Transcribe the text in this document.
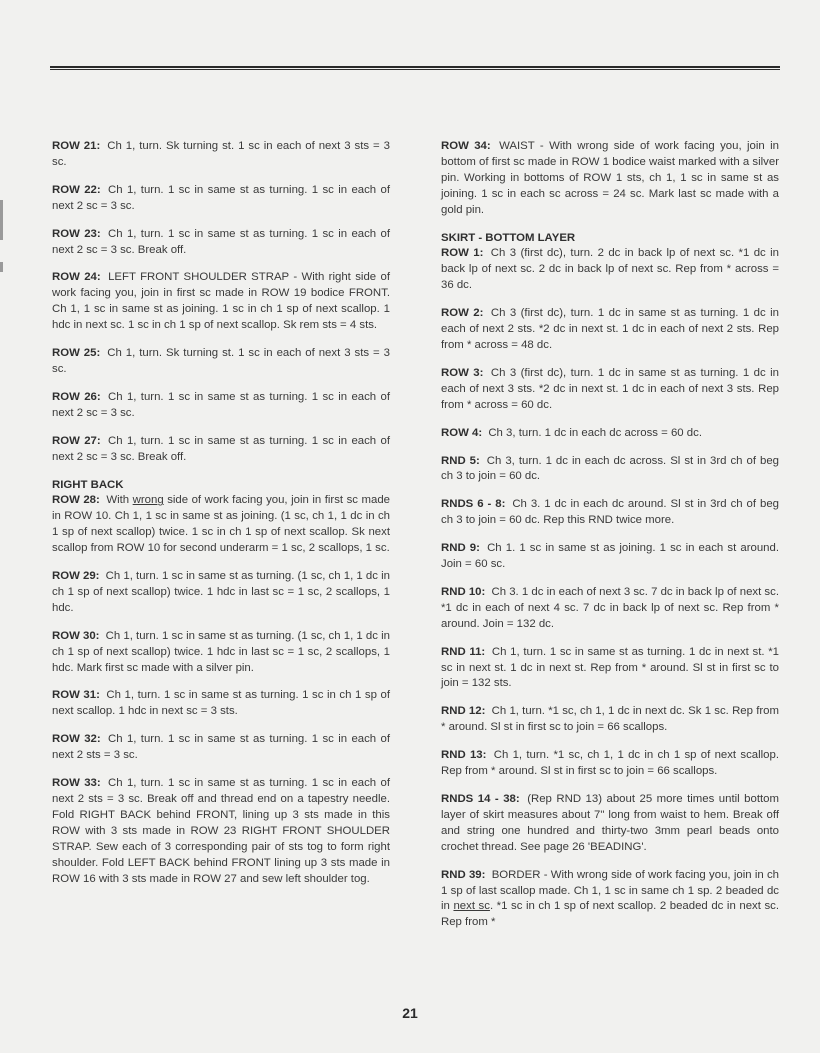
ROW 21: Ch 1, turn. Sk turning st. 1 sc in each of next 3 sts = 3 sc.

ROW 22: Ch 1, turn. 1 sc in same st as turning. 1 sc in each of next 2 sc = 3 sc.

ROW 23: Ch 1, turn. 1 sc in same st as turning. 1 sc in each of next 2 sc = 3 sc. Break off.

ROW 24: LEFT FRONT SHOULDER STRAP - With right side of work facing you, join in first sc made in ROW 19 bodice FRONT. Ch 1, 1 sc in same st as joining. 1 sc in ch 1 sp of next scallop. 1 hdc in next sc. 1 sc in ch 1 sp of next scallop. Sk rem sts = 4 sts.

ROW 25: Ch 1, turn. Sk turning st. 1 sc in each of next 3 sts = 3 sc.

ROW 26: Ch 1, turn. 1 sc in same st as turning. 1 sc in each of next 2 sc = 3 sc.

ROW 27: Ch 1, turn. 1 sc in same st as turning. 1 sc in each of next 2 sc = 3 sc. Break off.

RIGHT BACK
ROW 28: With wrong side of work facing you, join in first sc made in ROW 10. Ch 1, 1 sc in same st as joining. (1 sc, ch 1, 1 dc in ch 1 sp of next scallop) twice. 1 sc in ch 1 sp of next scallop. Sk next scallop from ROW 10 for second underarm = 1 sc, 2 scallops, 1 sc.

ROW 29: Ch 1, turn. 1 sc in same st as turning. (1 sc, ch 1, 1 dc in ch 1 sp of next scallop) twice. 1 hdc in last sc = 1 sc, 2 scallops, 1 hdc.

ROW 30: Ch 1, turn. 1 sc in same st as turning. (1 sc, ch 1, 1 dc in ch 1 sp of next scallop) twice. 1 hdc in last sc = 1 sc, 2 scallops, 1 hdc. Mark first sc made with a silver pin.

ROW 31: Ch 1, turn. 1 sc in same st as turning. 1 sc in ch 1 sp of next scallop. 1 hdc in next sc = 3 sts.

ROW 32: Ch 1, turn. 1 sc in same st as turning. 1 sc in each of next 2 sts = 3 sc.

ROW 33: Ch 1, turn. 1 sc in same st as turning. 1 sc in each of next 2 sts = 3 sc. Break off and thread end on a tapestry needle. Fold RIGHT BACK behind FRONT, lining up 3 sts made in this ROW with 3 sts made in ROW 23 RIGHT FRONT SHOULDER STRAP. Sew each of 3 corresponding pair of sts tog to form right shoulder. Fold LEFT BACK behind FRONT lining up 3 sts made in ROW 16 with 3 sts made in ROW 27 and sew left shoulder tog.

ROW 34: WAIST - With wrong side of work facing you, join in bottom of first sc made in ROW 1 bodice waist marked with a silver pin. Working in bottoms of ROW 1 sts, ch 1, 1 sc in same st as joining. 1 sc in each sc across = 24 sc. Mark last sc made with a gold pin.

SKIRT - BOTTOM LAYER
ROW 1: Ch 3 (first dc), turn. 2 dc in back lp of next sc. *1 dc in back lp of next sc. 2 dc in back lp of next sc. Rep from * across = 36 dc.

ROW 2: Ch 3 (first dc), turn. 1 dc in same st as turning. 1 dc in each of next 2 sts. *2 dc in next st. 1 dc in each of next 2 sts. Rep from * across = 48 dc.

ROW 3: Ch 3 (first dc), turn. 1 dc in same st as turning. 1 dc in each of next 3 sts. *2 dc in next st. 1 dc in each of next 3 sts. Rep from * across = 60 dc.

ROW 4: Ch 3, turn. 1 dc in each dc across = 60 dc.

RND 5: Ch 3, turn. 1 dc in each dc across. Sl st in 3rd ch of beg ch 3 to join = 60 dc.

RNDS 6 - 8: Ch 3. 1 dc in each dc around. Sl st in 3rd ch of beg ch 3 to join = 60 dc. Rep this RND twice more.

RND 9: Ch 1. 1 sc in same st as joining. 1 sc in each st around. Join = 60 sc.

RND 10: Ch 3. 1 dc in each of next 3 sc. 7 dc in back lp of next sc. *1 dc in each of next 4 sc. 7 dc in back lp of next sc. Rep from * around. Join = 132 dc.

RND 11: Ch 1, turn. 1 sc in same st as turning. 1 dc in next st. *1 sc in next st. 1 dc in next st. Rep from * around. Sl st in first sc to join = 132 sts.

RND 12: Ch 1, turn. *1 sc, ch 1, 1 dc in next dc. Sk 1 sc. Rep from * around. Sl st in first sc to join = 66 scallops.

RND 13: Ch 1, turn. *1 sc, ch 1, 1 dc in ch 1 sp of next scallop. Rep from * around. Sl st in first sc to join = 66 scallops.

RNDS 14 - 38: (Rep RND 13) about 25 more times until bottom layer of skirt measures about 7" long from waist to hem. Break off and string one hundred and thirty-two 3mm pearl beads onto crochet thread. See page 26 'BEADING'.

RND 39: BORDER - With wrong side of work facing you, join in ch 1 sp of last scallop made. Ch 1, 1 sc in same ch 1 sp. 2 beaded dc in next sc. *1 sc in ch 1 sp of next scallop. 2 beaded dc in next sc. Rep from *

21
